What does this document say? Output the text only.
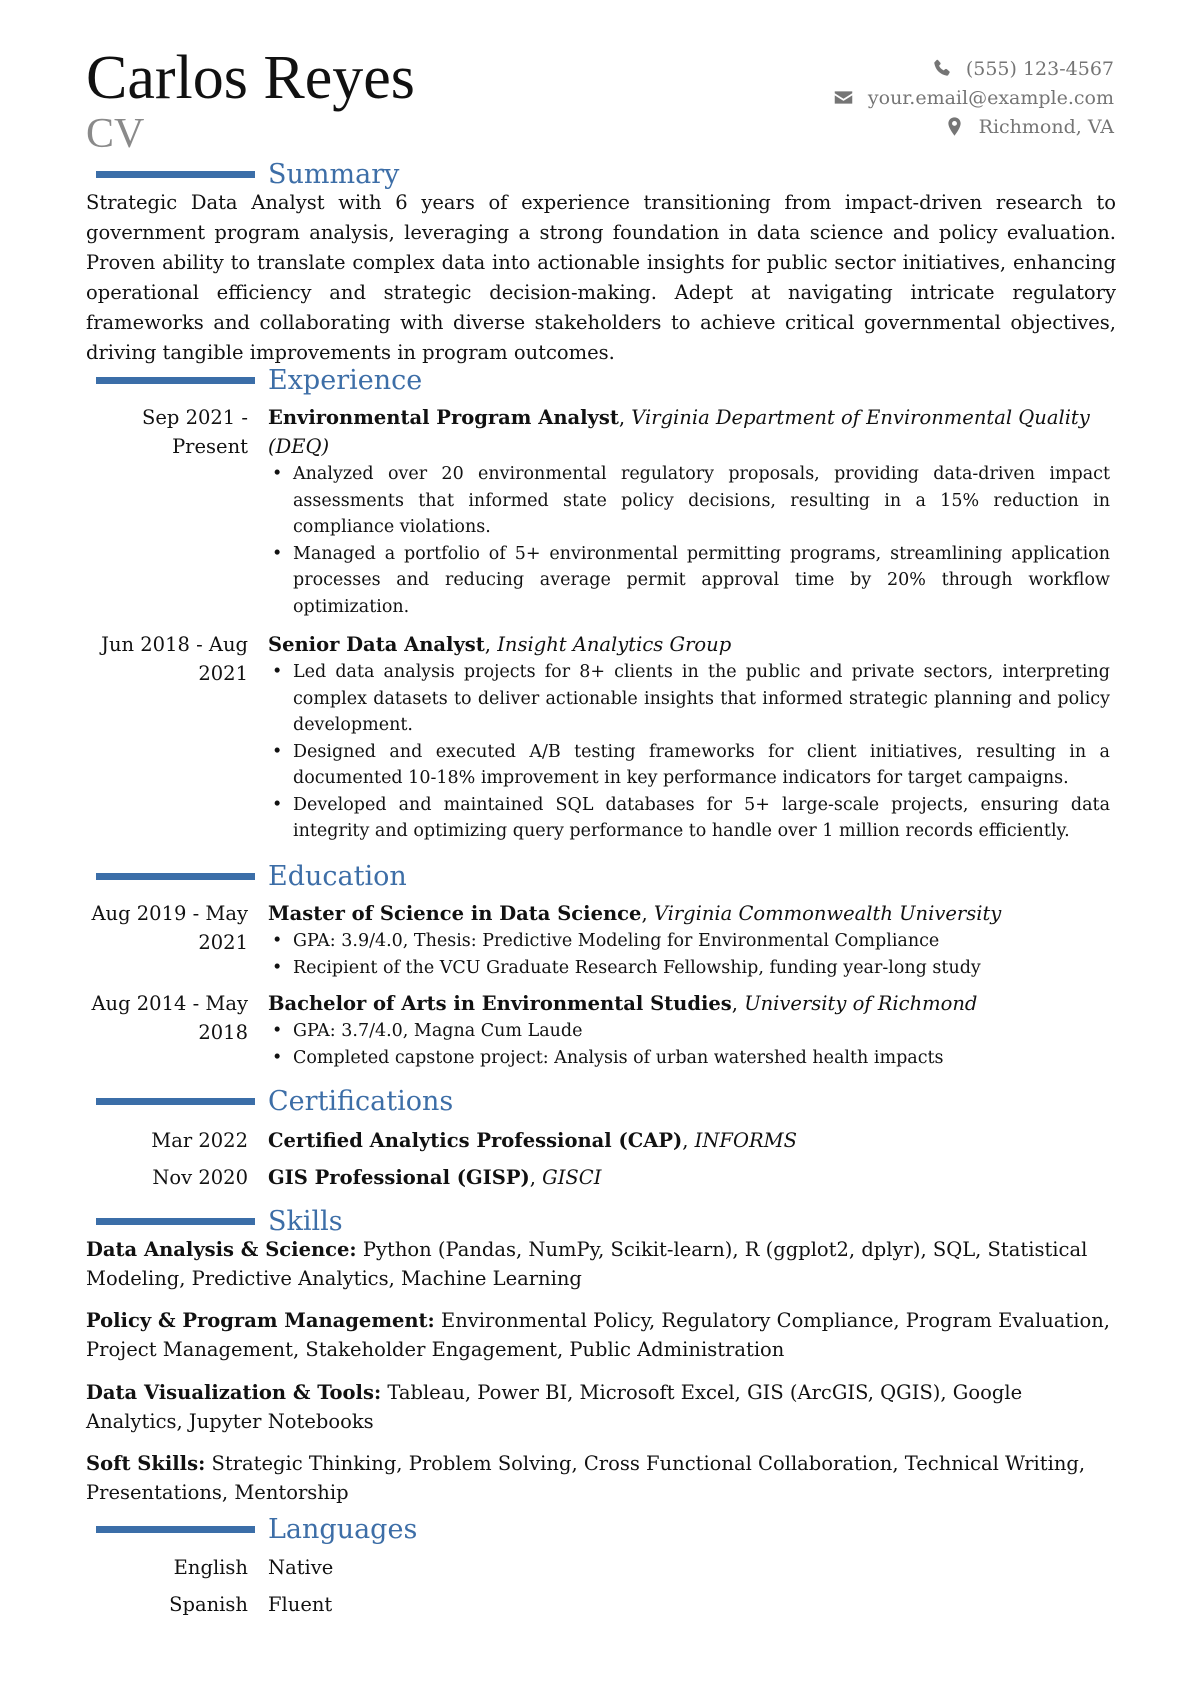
Carlos Reyes
CV
(555) 123-4567
your.email@example.com
Richmond, VA
Summary

Strategic Data Analyst with 6 years of experience transitioning from impact-driven research to government program analysis, leveraging a strong foundation in data science and policy evaluation. Proven ability to translate complex data into actionable insights for public sector initiatives, enhancing operational efficiency and strategic decision-making. Adept at navigating intricate regulatory frameworks and collaborating with diverse stakeholders to achieve critical governmental objectives, driving tangible improvements in program outcomes.

Experience
Sep 2021 - Present

Environmental Program Analyst, Virginia Department of Environmental Quality (DEQ)

• Analyzed over 20 environmental regulatory proposals, providing data-driven impact assessments that informed state policy decisions, resulting in a 15% reduction in compliance violations.
• Managed a portfolio of 5+ environmental permitting programs, streamlining application processes and reducing average permit approval time by 20% through workflow optimization.
Jun 2018 - Aug 2021

Senior Data Analyst, Insight Analytics Group

• Led data analysis projects for 8+ clients in the public and private sectors, interpreting complex datasets to deliver actionable insights that informed strategic planning and policy development.
• Designed and executed A/B testing frameworks for client initiatives, resulting in a documented 10-18% improvement in key performance indicators for target campaigns.
• Developed and maintained SQL databases for 5+ large-scale projects, ensuring data integrity and optimizing query performance to handle over 1 million records efficiently.
Education
Aug 2019 - May 2021

Master of Science in Data Science, Virginia Commonwealth University

• GPA: 3.9/4.0, Thesis: Predictive Modeling for Environmental Compliance
• Recipient of the VCU Graduate Research Fellowship, funding year-long study
Aug 2014 - May 2018

Bachelor of Arts in Environmental Studies, University of Richmond

• GPA: 3.7/4.0, Magna Cum Laude
• Completed capstone project: Analysis of urban watershed health impacts
Certifications
Mar 2022 Certified Analytics Professional (CAP), INFORMS

Nov 2020 GIS Professional (GISP), GISCI

Skills

Data Analysis & Science: Python (Pandas, NumPy, Scikit-learn), R (ggplot2, dplyr), SQL, Statistical Modeling, Predictive Analytics, Machine Learning

Policy & Program Management: Environmental Policy, Regulatory Compliance, Program Evaluation, Project Management, Stakeholder Engagement, Public Administration

Data Visualization & Tools: Tableau, Power BI, Microsoft Excel, GIS (ArcGIS, QGIS), Google Analytics, Jupyter Notebooks

Soft Skills: Strategic Thinking, Problem Solving, Cross Functional Collaboration, Technical Writing, Presentations, Mentorship

Languages
English Native
Spanish Fluent
